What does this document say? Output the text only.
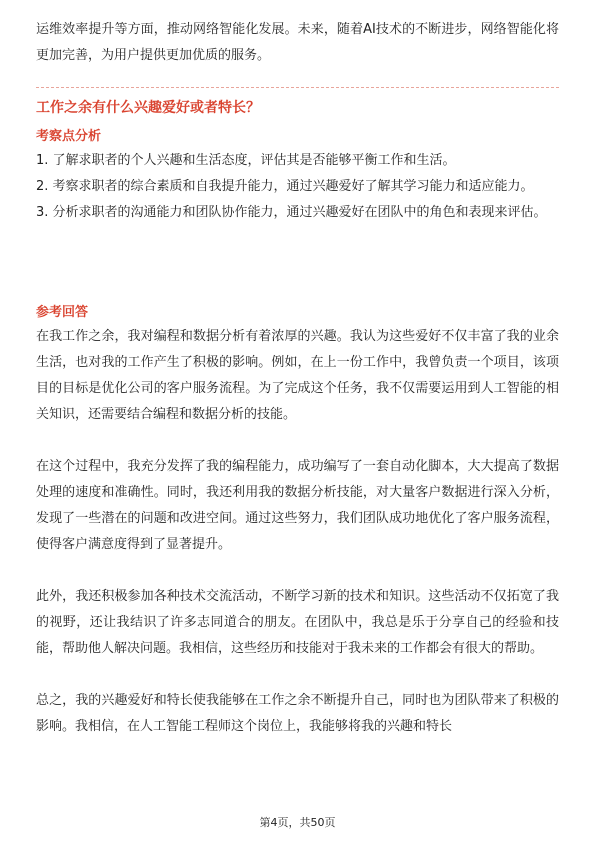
运维效率提升等方面，推动网络智能化发展。未来，随着AI技术的不断进步，网络智能化将更加完善，为用户提供更加优质的服务。

工作之余有什么兴趣爱好或者特长？

考察点分析

1. 了解求职者的个人兴趣和生活态度，评估其是否能够平衡工作和生活。

2. 考察求职者的综合素质和自我提升能力，通过兴趣爱好了解其学习能力和适应能力。

3. 分析求职者的沟通能力和团队协作能力，通过兴趣爱好在团队中的角色和表现来评估。

参考回答

在我工作之余，我对编程和数据分析有着浓厚的兴趣。我认为这些爱好不仅丰富了我的业余生活，也对我的工作产生了积极的影响。例如，在上一份工作中，我曾负责一个项目，该项目的目标是优化公司的客户服务流程。为了完成这个任务，我不仅需要运用到人工智能的相关知识，还需要结合编程和数据分析的技能。

在这个过程中，我充分发挥了我的编程能力，成功编写了一套自动化脚本，大大提高了数据处理的速度和准确性。同时，我还利用我的数据分析技能，对大量客户数据进行深入分析，发现了一些潜在的问题和改进空间。通过这些努力，我们团队成功地优化了客户服务流程，使得客户满意度得到了显著提升。

此外，我还积极参加各种技术交流活动，不断学习新的技术和知识。这些活动不仅拓宽了我的视野，还让我结识了许多志同道合的朋友。在团队中，我总是乐于分享自己的经验和技能，帮助他人解决问题。我相信，这些经历和技能对于我未来的工作都会有很大的帮助。

总之，我的兴趣爱好和特长使我能够在工作之余不断提升自己，同时也为团队带来了积极的影响。我相信，在人工智能工程师这个岗位上，我能够将我的兴趣和特长

第4页，共50页
